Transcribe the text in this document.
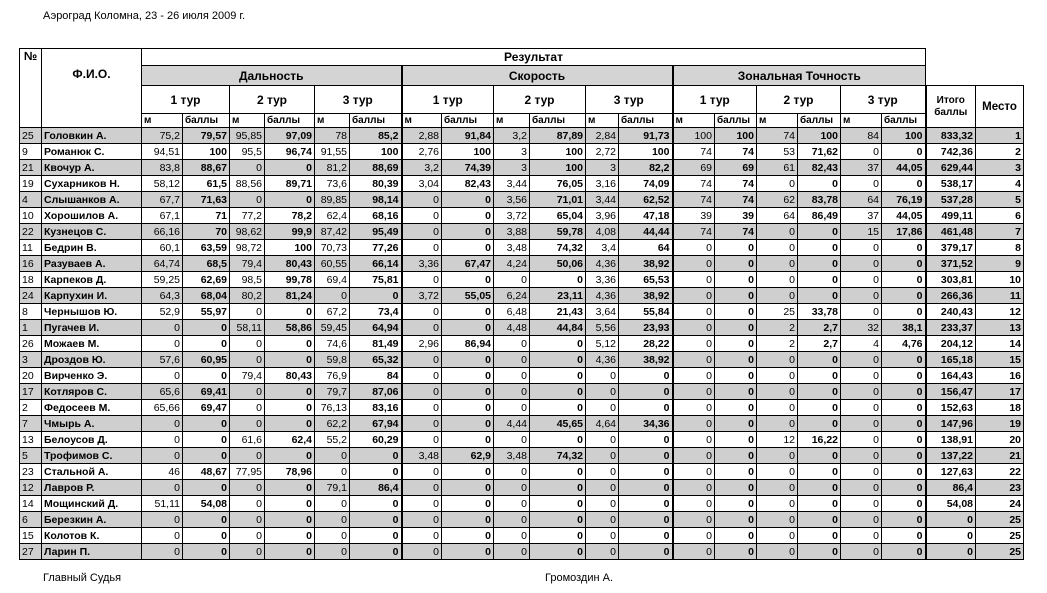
Аэроград Коломна, 23 - 26 июля 2009 г.
№	Ф.И.О.	Результат																			
		Дальность						Скорость						Зональная Точность							
		1 тур		2 тур		3 тур		1 тур		2 тур		3 тур		1 тур		2 тур		3 тур		Итого баллы	Место
		м	баллы	м	баллы	м	баллы	м	баллы	м	баллы	м	баллы	м	баллы	м	баллы	м	баллы		
25	Головкин А.	75,2	79,57	95,85	97,09	78	85,2	2,88	91,84	3,2	87,89	2,84	91,73	100	100	74	100	84	100	833,32	1
9	Романюк С.	94,51	100	95,5	96,74	91,55	100	2,76	100	3	100	2,72	100	74	74	53	71,62	0	0	742,36	2
21	Квочур А.	83,8	88,67	0	0	81,2	88,69	3,2	74,39	3	100	3	82,2	69	69	61	82,43	37	44,05	629,44	3
19	Сухарников Н.	58,12	61,5	88,56	89,71	73,6	80,39	3,04	82,43	3,44	76,05	3,16	74,09	74	74	0	0	0	0	538,17	4
4	Слышанков А.	67,7	71,63	0	0	89,85	98,14	0	0	3,56	71,01	3,44	62,52	74	74	62	83,78	64	76,19	537,28	5
10	Хорошилов А.	67,1	71	77,2	78,2	62,4	68,16	0	0	3,72	65,04	3,96	47,18	39	39	64	86,49	37	44,05	499,11	6
22	Кузнецов С.	66,16	70	98,62	99,9	87,42	95,49	0	0	3,88	59,78	4,08	44,44	74	74	0	0	15	17,86	461,48	7
11	Бедрин В.	60,1	63,59	98,72	100	70,73	77,26	0	0	3,48	74,32	3,4	64	0	0	0	0	0	0	379,17	8
16	Разуваев А.	64,74	68,5	79,4	80,43	60,55	66,14	3,36	67,47	4,24	50,06	4,36	38,92	0	0	0	0	0	0	371,52	9
18	Карпеков Д.	59,25	62,69	98,5	99,78	69,4	75,81	0	0	0	0	3,36	65,53	0	0	0	0	0	0	303,81	10
24	Карпухин И.	64,3	68,04	80,2	81,24	0	0	3,72	55,05	6,24	23,11	4,36	38,92	0	0	0	0	0	0	266,36	11
8	Чернышов Ю.	52,9	55,97	0	0	67,2	73,4	0	0	6,48	21,43	3,64	55,84	0	0	25	33,78	0	0	240,43	12
1	Пугачев И.	0	0	58,11	58,86	59,45	64,94	0	0	4,48	44,84	5,56	23,93	0	0	2	2,7	32	38,1	233,37	13
26	Можаев М.	0	0	0	0	74,6	81,49	2,96	86,94	0	0	5,12	28,22	0	0	2	2,7	4	4,76	204,12	14
3	Дроздов Ю.	57,6	60,95	0	0	59,8	65,32	0	0	0	0	4,36	38,92	0	0	0	0	0	0	165,18	15
20	Вирченко Э.	0	0	79,4	80,43	76,9	84	0	0	0	0	0	0	0	0	0	0	0	0	164,43	16
17	Котляров С.	65,6	69,41	0	0	79,7	87,06	0	0	0	0	0	0	0	0	0	0	0	0	156,47	17
2	Федосеев М.	65,66	69,47	0	0	76,13	83,16	0	0	0	0	0	0	0	0	0	0	0	0	152,63	18
7	Чмырь А.	0	0	0	0	62,2	67,94	0	0	4,44	45,65	4,64	34,36	0	0	0	0	0	0	147,96	19
13	Белоусов Д.	0	0	61,6	62,4	55,2	60,29	0	0	0	0	0	0	0	0	12	16,22	0	0	138,91	20
5	Трофимов С.	0	0	0	0	0	0	3,48	62,9	3,48	74,32	0	0	0	0	0	0	0	0	137,22	21
23	Стальной А.	46	48,67	77,95	78,96	0	0	0	0	0	0	0	0	0	0	0	0	0	0	127,63	22
12	Лавров Р.	0	0	0	0	79,1	86,4	0	0	0	0	0	0	0	0	0	0	0	0	86,4	23
14	Мощинский Д.	51,11	54,08	0	0	0	0	0	0	0	0	0	0	0	0	0	0	0	0	54,08	24
6	Березкин А.	0	0	0	0	0	0	0	0	0	0	0	0	0	0	0	0	0	0	0	25
15	Колотов К.	0	0	0	0	0	0	0	0	0	0	0	0	0	0	0	0	0	0	0	25
27	Ларин П.	0	0	0	0	0	0	0	0	0	0	0	0	0	0	0	0	0	0	0	25
Главный Судья	Громоздин А.
